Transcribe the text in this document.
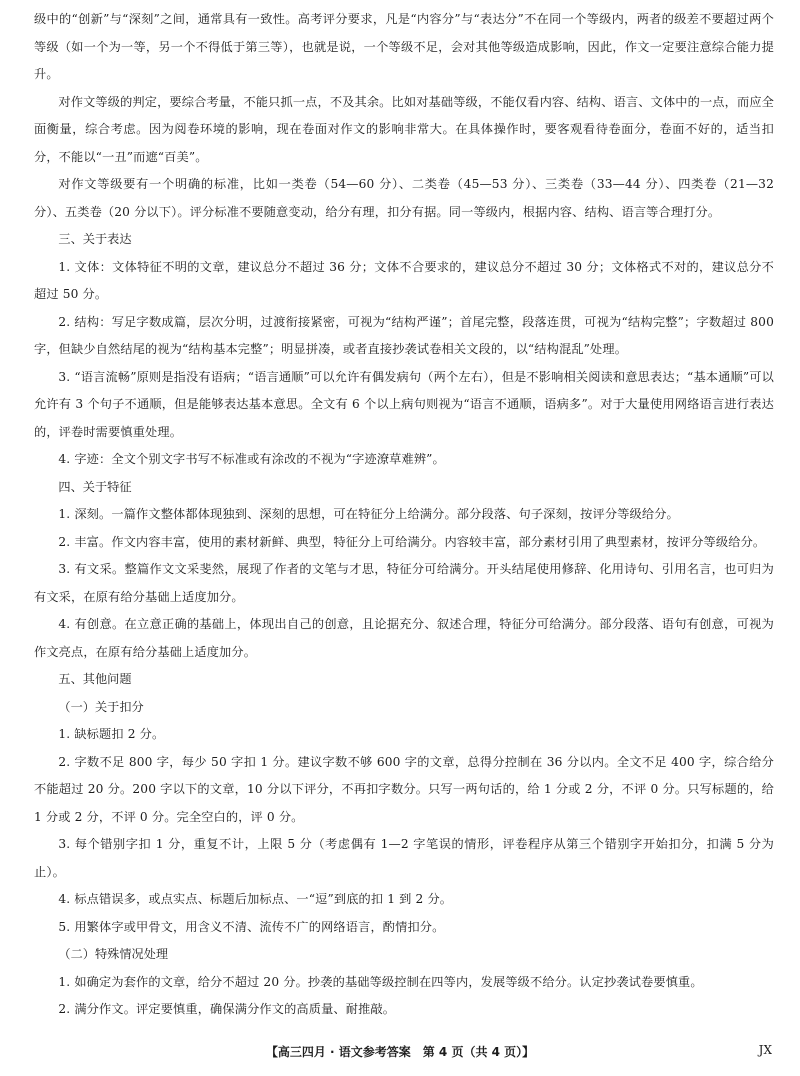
级中的“创新”与“深刻”之间，通常具有一致性。高考评分要求，凡是“内容分”与“表达分”不在同一个等级内，两者的级差不要超过两个等级（如一个为一等，另一个不得低于第三等），也就是说，一个等级不足，会对其他等级造成影响，因此，作文一定要注意综合能力提升。

对作文等级的判定，要综合考量，不能只抓一点，不及其余。比如对基础等级，不能仅看内容、结构、语言、文体中的一点，而应全面衡量，综合考虑。因为阅卷环境的影响，现在卷面对作文的影响非常大。在具体操作时，要客观看待卷面分，卷面不好的，适当扣分，不能以“一丑”而遮“百美”。

对作文等级要有一个明确的标准，比如一类卷（54—60 分）、二类卷（45—53 分）、三类卷（33—44 分）、四类卷（21—32 分）、五类卷（20 分以下）。评分标准不要随意变动，给分有理，扣分有据。同一等级内，根据内容、结构、语言等合理打分。

三、关于表达

1. 文体：文体特征不明的文章，建议总分不超过 36 分；文体不合要求的，建议总分不超过 30 分；文体格式不对的，建议总分不超过 50 分。

2. 结构：写足字数成篇，层次分明，过渡衔接紧密，可视为“结构严谨”；首尾完整，段落连贯，可视为“结构完整”；字数超过 800 字，但缺少自然结尾的视为“结构基本完整”；明显拼凑，或者直接抄袭试卷相关文段的，以“结构混乱”处理。

3. “语言流畅”原则是指没有语病；“语言通顺”可以允许有偶发病句（两个左右），但是不影响相关阅读和意思表达；“基本通顺”可以允许有 3 个句子不通顺，但是能够表达基本意思。全文有 6 个以上病句则视为“语言不通顺，语病多”。对于大量使用网络语言进行表达的，评卷时需要慎重处理。

4. 字迹：全文个别文字书写不标准或有涂改的不视为“字迹潦草难辨”。

四、关于特征

1. 深刻。一篇作文整体都体现独到、深刻的思想，可在特征分上给满分。部分段落、句子深刻，按评分等级给分。

2. 丰富。作文内容丰富，使用的素材新鲜、典型，特征分上可给满分。内容较丰富，部分素材引用了典型素材，按评分等级给分。

3. 有文采。整篇作文文采斐然，展现了作者的文笔与才思，特征分可给满分。开头结尾使用修辞、化用诗句、引用名言，也可归为有文采，在原有给分基础上适度加分。

4. 有创意。在立意正确的基础上，体现出自己的创意，且论据充分、叙述合理，特征分可给满分。部分段落、语句有创意，可视为作文亮点，在原有给分基础上适度加分。

五、其他问题

（一）关于扣分

1. 缺标题扣 2 分。

2. 字数不足 800 字，每少 50 字扣 1 分。建议字数不够 600 字的文章，总得分控制在 36 分以内。全文不足 400 字，综合给分不能超过 20 分。200 字以下的文章，10 分以下评分，不再扣字数分。只写一两句话的，给 1 分或 2 分，不评 0 分。只写标题的，给 1 分或 2 分，不评 0 分。完全空白的，评 0 分。

3. 每个错别字扣 1 分，重复不计，上限 5 分（考虑偶有 1—2 字笔误的情形，评卷程序从第三个错别字开始扣分，扣满 5 分为止）。

4. 标点错误多，或点实点、标题后加标点、一“逗”到底的扣 1 到 2 分。

5. 用繁体字或甲骨文，用含义不清、流传不广的网络语言，酌情扣分。

（二）特殊情况处理

1. 如确定为套作的文章，给分不超过 20 分。抄袭的基础等级控制在四等内，发展等级不给分。认定抄袭试卷要慎重。

2. 满分作文。评定要慎重，确保满分作文的高质量、耐推敲。

【高三四月 · 语文参考答案　第 4 页（共 4 页）】	JX
